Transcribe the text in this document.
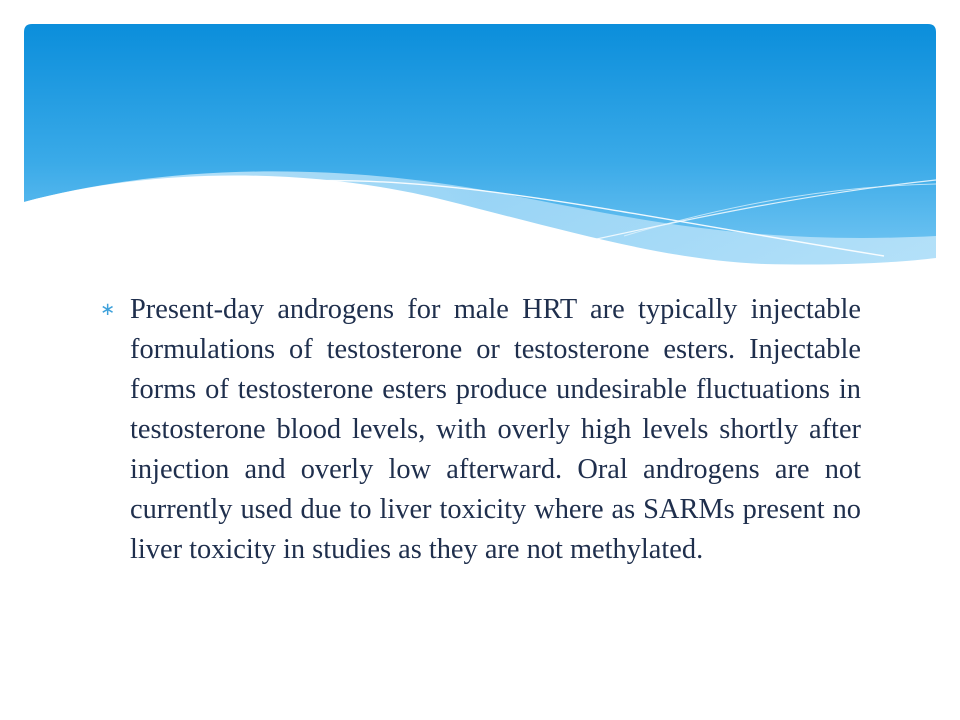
∗ Present-day androgens for male HRT are typically injectable formulations of testosterone or testosterone esters. Injectable forms of testosterone esters produce undesirable fluctuations in testosterone blood levels, with overly high levels shortly after injection and overly low afterward. Oral androgens are not currently used due to liver toxicity where as SARMs present no liver toxicity in studies as they are not methylated.
